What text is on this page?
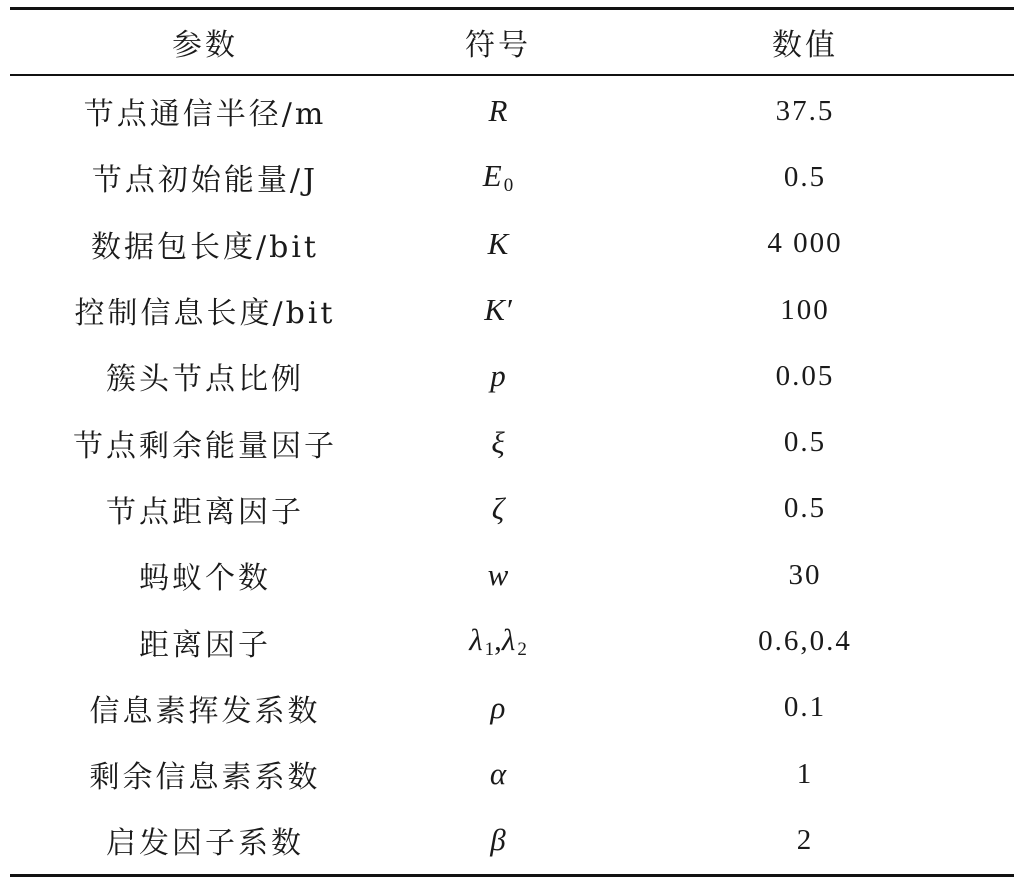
参数	符号	数值
节点通信半径/m	R	37.5
节点初始能量/J	E $_0$	0.5
数据包长度/bit	K	4 000
控制信息长度/bit	K′	100
簇头节点比例	p	0.05
节点剩余能量因子	ξ	0.5
节点距离因子	ζ	0.5
蚂蚁个数	w	30
距离因子	λ $_1$,λ $_2$	0.6,0.4
信息素挥发系数	ρ	0.1
剩余信息素系数	α	1
启发因子系数	β	2
